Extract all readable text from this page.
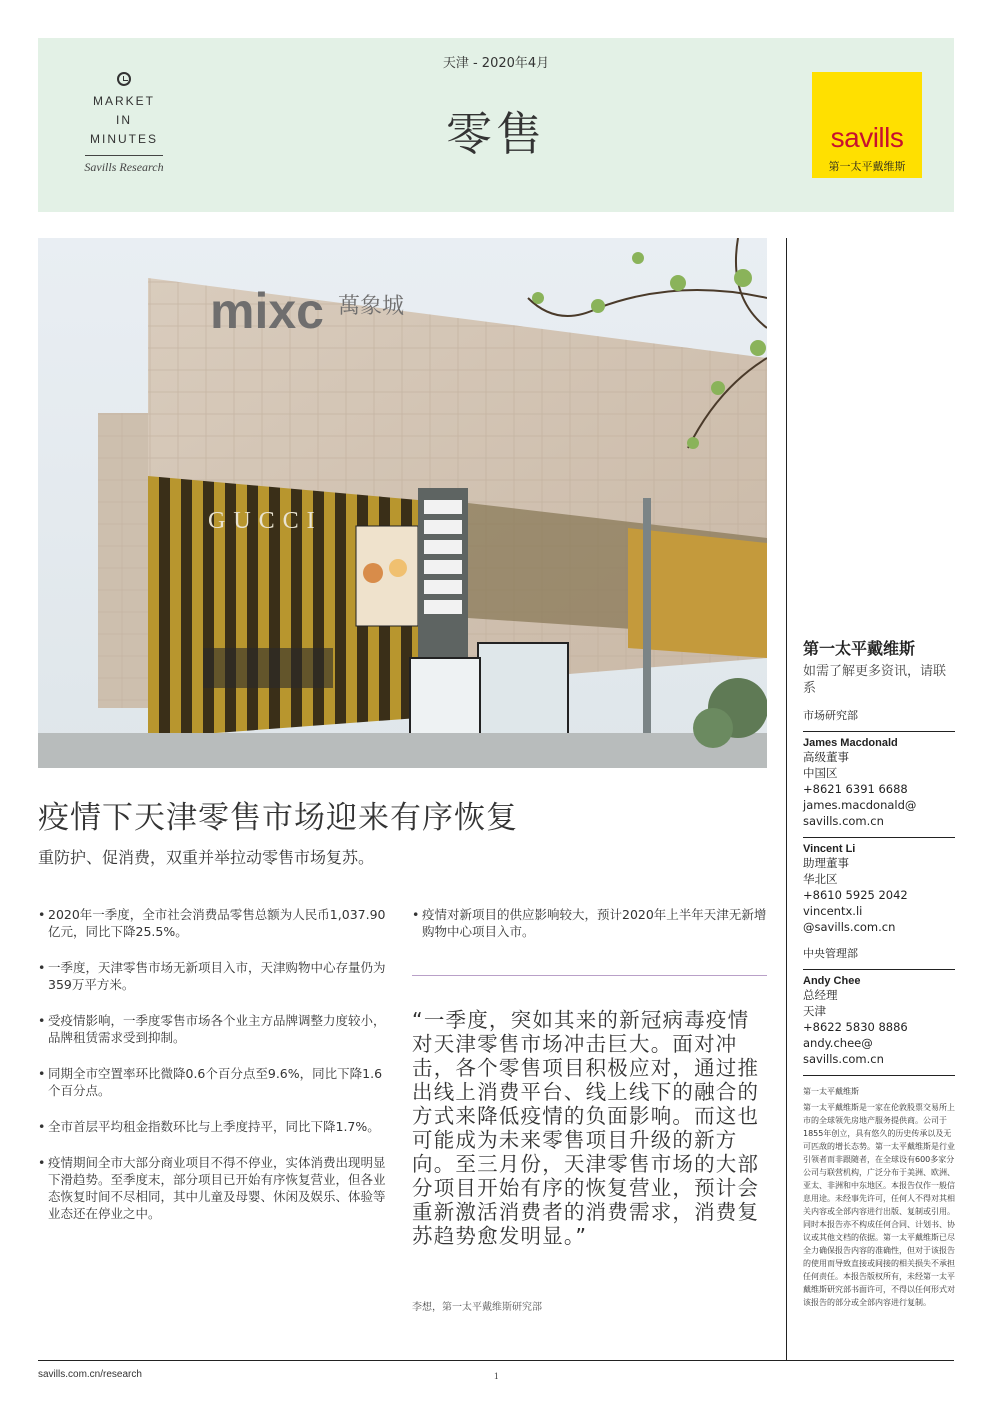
MARKET
IN
MINUTES
Savills Research
天津 - 2020年4月
零售	savills
第一太平戴维斯
GUCCI
mixc 萬象城
第一太平戴维斯
如需了解更多资讯，请联系
市场研究部
James Macdonald
高级董事
中国区
+8621 6391 6688
james.macdonald@
savills.com.cn
Vincent Li
助理董事
华北区
+8610 5925 2042
vincentx.li
@savills.com.cn
中央管理部
Andy Chee
总经理
天津
+8622 5830 8886
andy.chee@
savills.com.cn
第一太平戴维斯
第一太平戴维斯是一家在伦敦股票交易所上市的全球领先房地产服务提供商。公司于1855年创立，具有悠久的历史传承以及无可匹敌的增长态势。第一太平戴维斯是行业引领者而非跟随者，在全球设有600多家分公司与联营机构，广泛分布于美洲、欧洲、亚太、非洲和中东地区。本报告仅作一般信息用途。未经事先许可，任何人不得对其相关内容或全部内容进行出版、复制或引用。同时本报告亦不构成任何合同、计划书、协议或其他文档的依据。第一太平戴维斯已尽全力确保报告内容的准确性，但对于该报告的使用而导致直接或间接的相关损失不承担任何责任。本报告版权所有，未经第一太平戴维斯研究部书面许可，不得以任何形式对该报告的部分或全部内容进行复制。
疫情下天津零售市场迎来有序恢复
重防护、促消费，双重并举拉动零售市场复苏。
• 2020年一季度，全市社会消费品零售总额为人民币1,037.90亿元，同比下降25.5%。
• 一季度，天津零售市场无新项目入市，天津购物中心存量仍为359万平方米。
• 受疫情影响，一季度零售市场各个业主方品牌调整力度较小，品牌租赁需求受到抑制。
• 同期全市空置率环比微降0.6个百分点至9.6%，同比下降1.6个百分点。
• 全市首层平均租金指数环比与上季度持平，同比下降1.7%。
• 疫情期间全市大部分商业项目不得不停业，实体消费出现明显下滑趋势。至季度末，部分项目已开始有序恢复营业，但各业态恢复时间不尽相同，其中儿童及母婴、休闲及娱乐、体验等业态还在停业之中。
• 疫情对新项目的供应影响较大，预计2020年上半年天津无新增购物中心项目入市。
“一季度，突如其来的新冠病毒疫情对天津零售市场冲击巨大。面对冲击，各个零售项目积极应对，通过推出线上消费平台、线上线下的融合的方式来降低疫情的负面影响。而这也可能成为未来零售项目升级的新方向。至三月份，天津零售市场的大部分项目开始有序的恢复营业，预计会重新激活消费者的消费需求，消费复苏趋势愈发明显。”
李想，第一太平戴维斯研究部
savills.com.cn/research	1
